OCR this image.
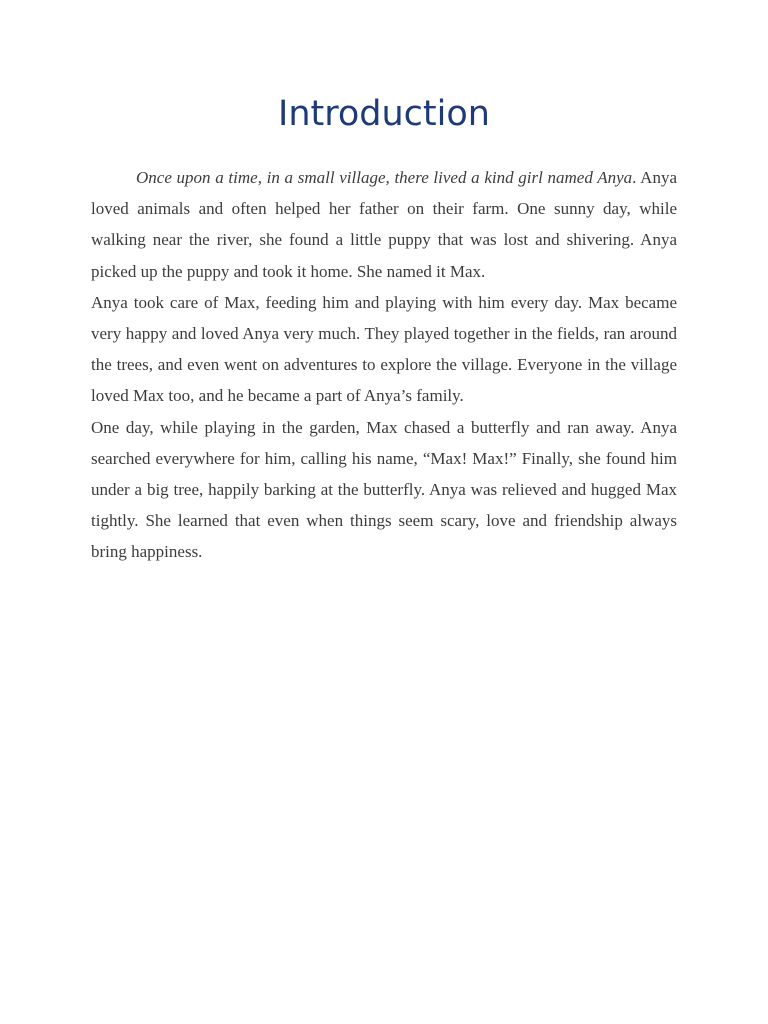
Introduction

Once upon a time, in a small village, there lived a kind girl named Anya. Anya loved animals and often helped her father on their farm. One sunny day, while walking near the river, she found a little puppy that was lost and shivering. Anya picked up the puppy and took it home. She named it Max.

Anya took care of Max, feeding him and playing with him every day. Max became very happy and loved Anya very much. They played together in the fields, ran around the trees, and even went on adventures to explore the village. Everyone in the village loved Max too, and he became a part of Anya’s family.

One day, while playing in the garden, Max chased a butterfly and ran away. Anya searched everywhere for him, calling his name, “Max! Max!” Finally, she found him under a big tree, happily barking at the butterfly. Anya was relieved and hugged Max tightly. She learned that even when things seem scary, love and friendship always bring happiness.
